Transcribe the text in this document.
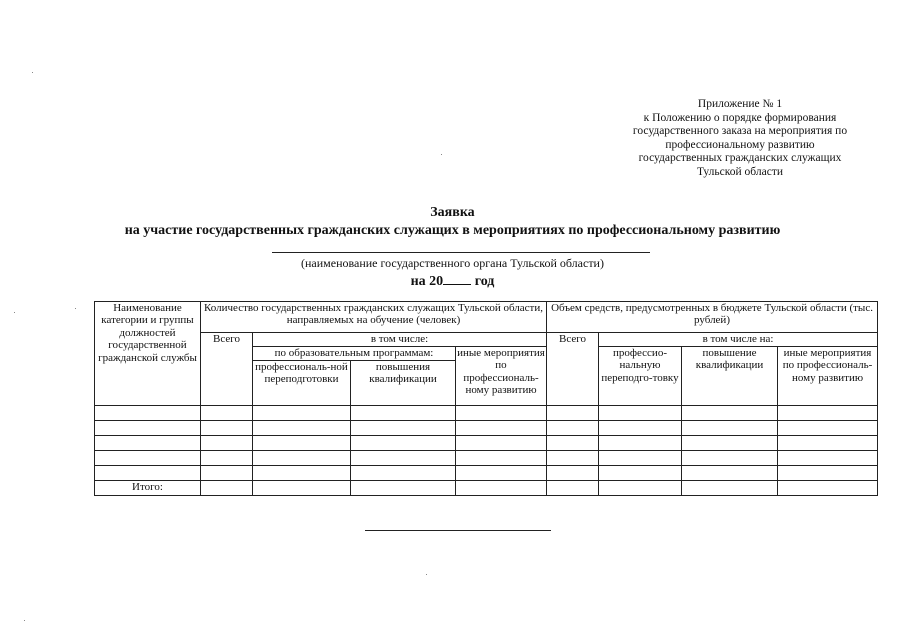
Приложение № 1
к Положению о порядке формирования
государственного заказа на мероприятия по
профессиональному развитию
государственных гражданских служащих
Тульской области
Заявка
на участие государственных гражданских служащих в мероприятиях по профессиональному развитию
(наименование государственного органа Тульской области)
на 20 год
Наименование категории и группы должностей государственной гражданской службы	Количество государственных гражданских служащих Тульской области, направляемых на обучение (человек)				Объем средств, предусмотренных в бюджете Тульской области (тыс. рублей)			
	Всего	в том числе:			Всего	в том числе на:		
		по образовательным программам:		иные мероприятия по профессиональ-ному развитию		профессио-нальную переподго-товку	повышение квалификации	иные мероприятия по профессиональ-ному развитию
		профессиональ-ной переподготовки	повышения квалификации					

Итого:								
